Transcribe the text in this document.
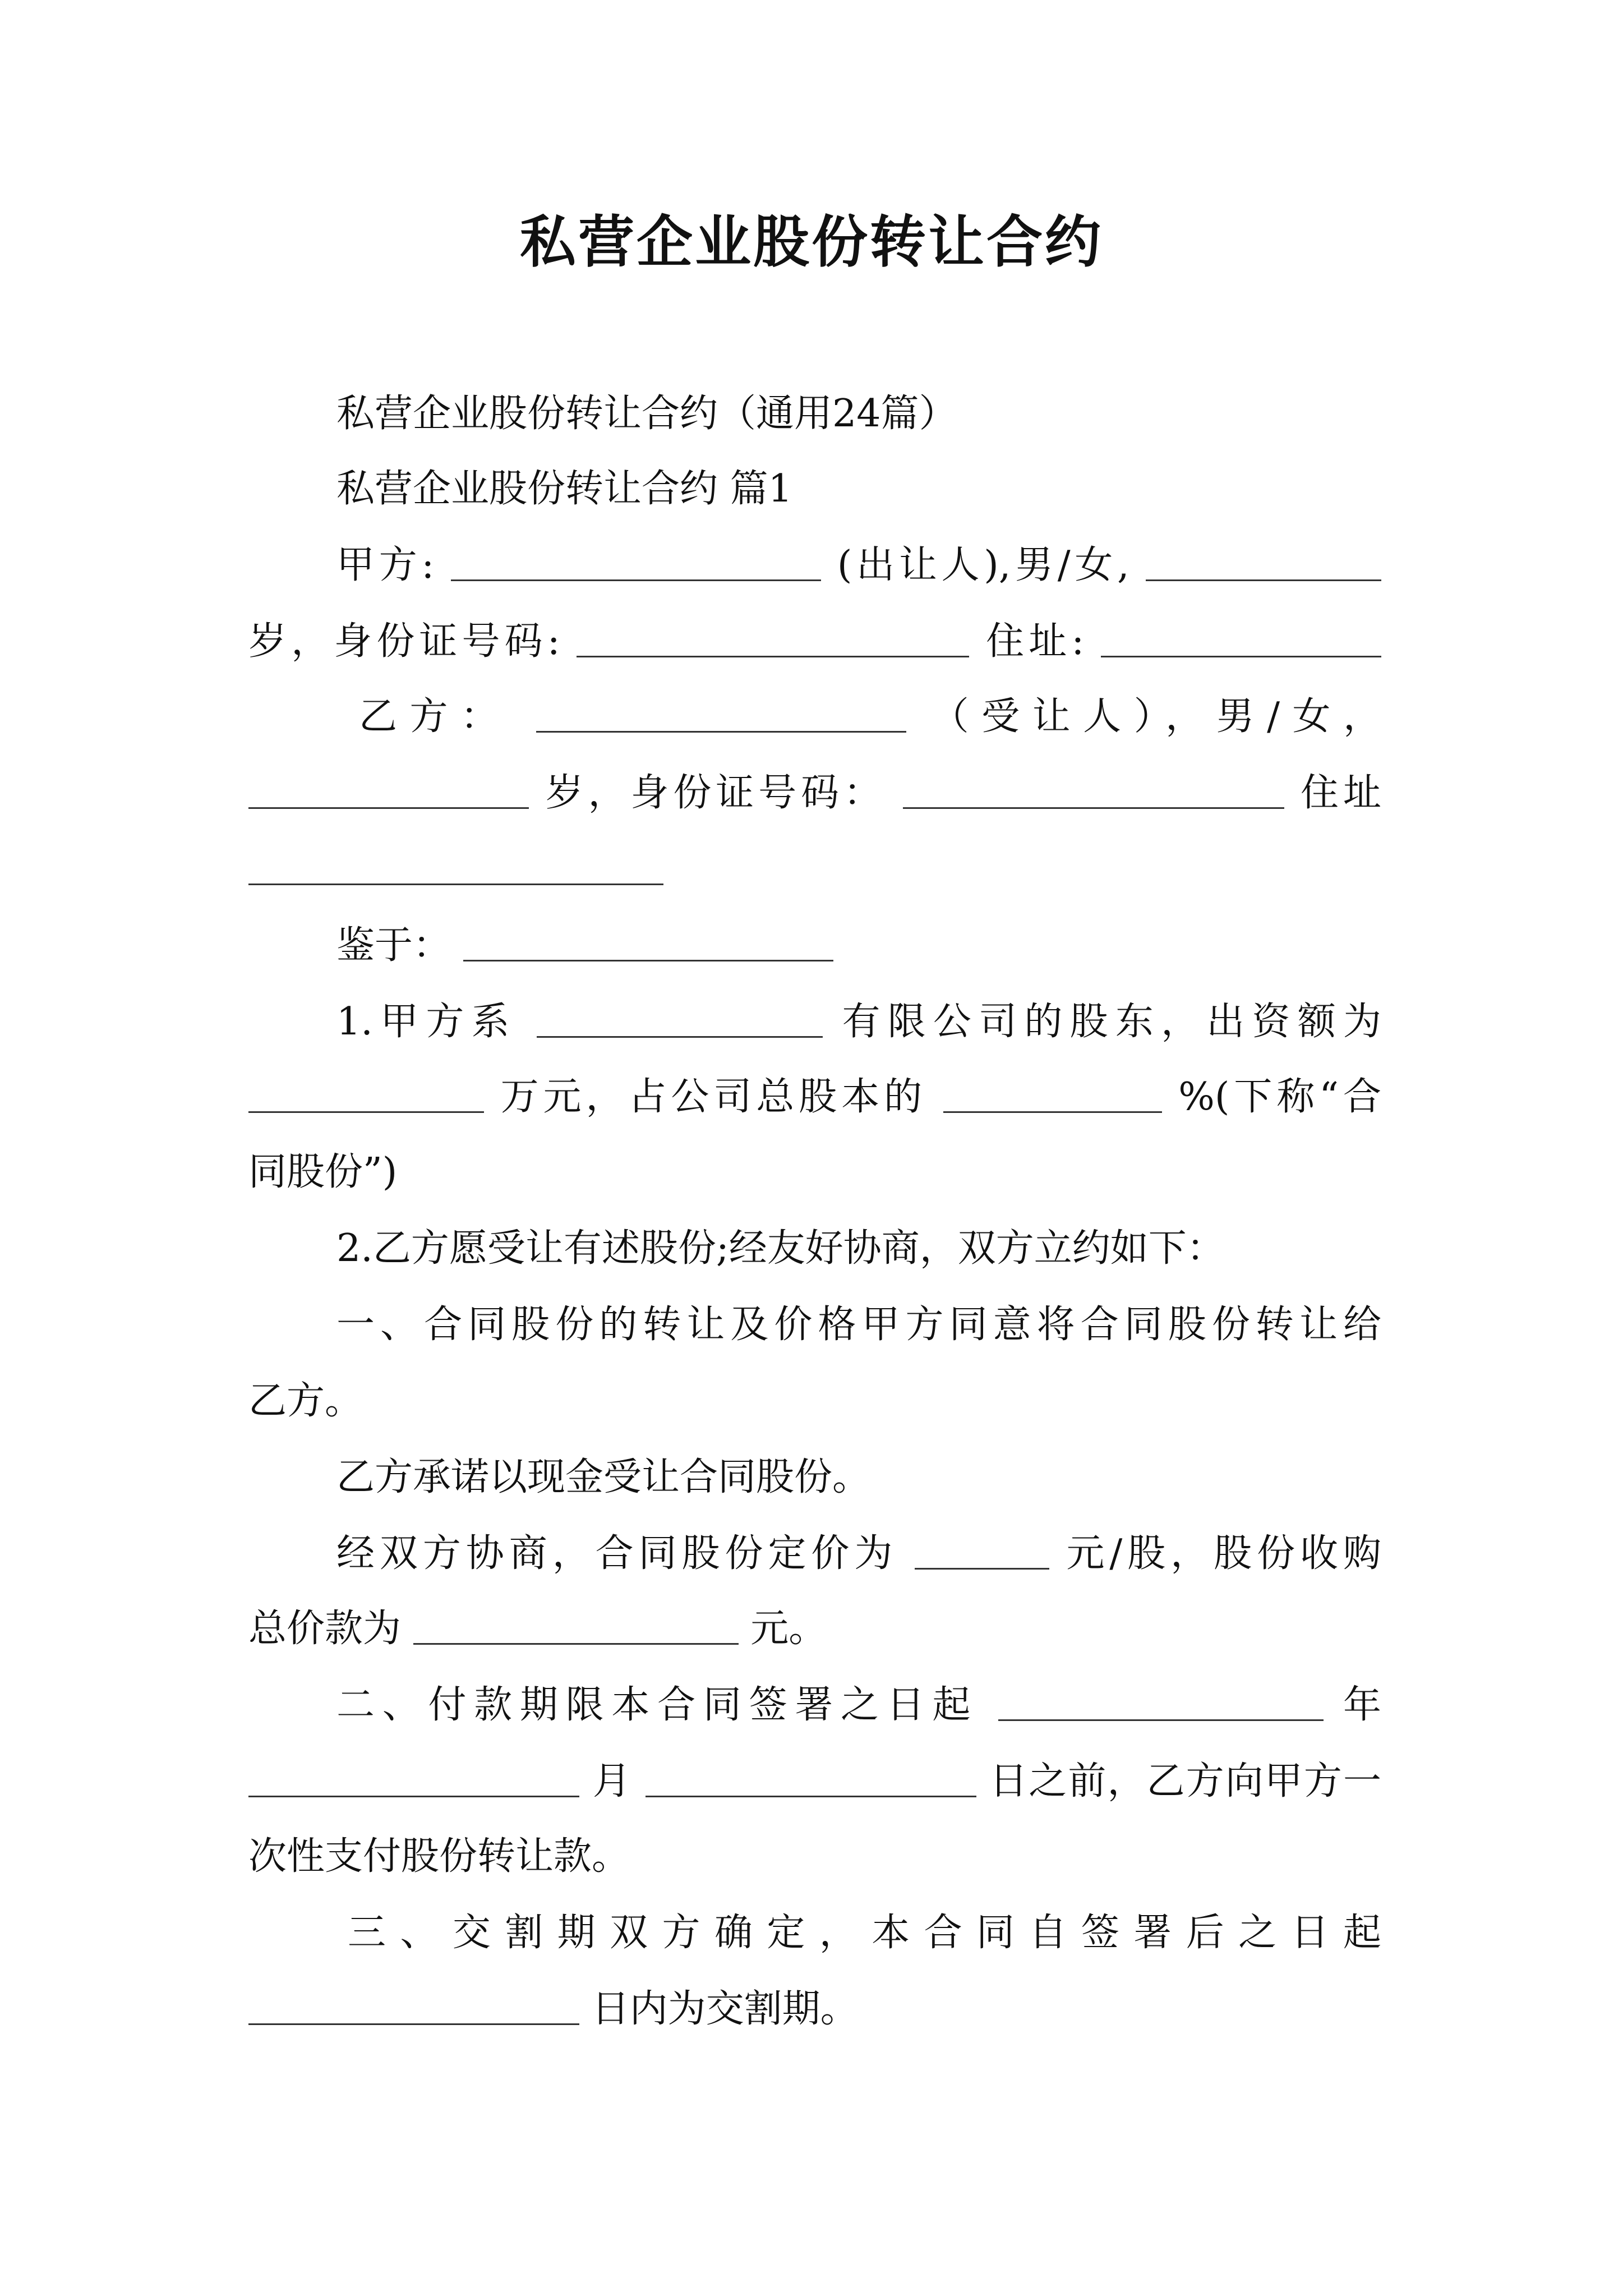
私营企业股份转让合约
私营企业股份转让合约（通用24篇）
私营企业股份转让合约 篇1
甲方:	(出让人),男/女,
岁，身份证号码:	住址:
乙方：	（受让人），男/女，
岁，身份证号码：	住址
鉴于：
1.甲方系	有限公司的股东，出资额为
万元，占公司总股本的	%(下称“合
同股份”)
2.乙方愿受让有述股份;经友好协商，双方立约如下：
一、合同股份的转让及价格甲方同意将合同股份转让给
乙方。
乙方承诺以现金受让合同股份。
经双方协商，合同股份定价为	元/股，股份收购
总价款为	元。
二、付款期限本合同签署之日起	年
月	日之前，乙方向甲方一
次性支付股份转让款。
三、交割期双方确定，本合同自签署后之日起
日内为交割期。
